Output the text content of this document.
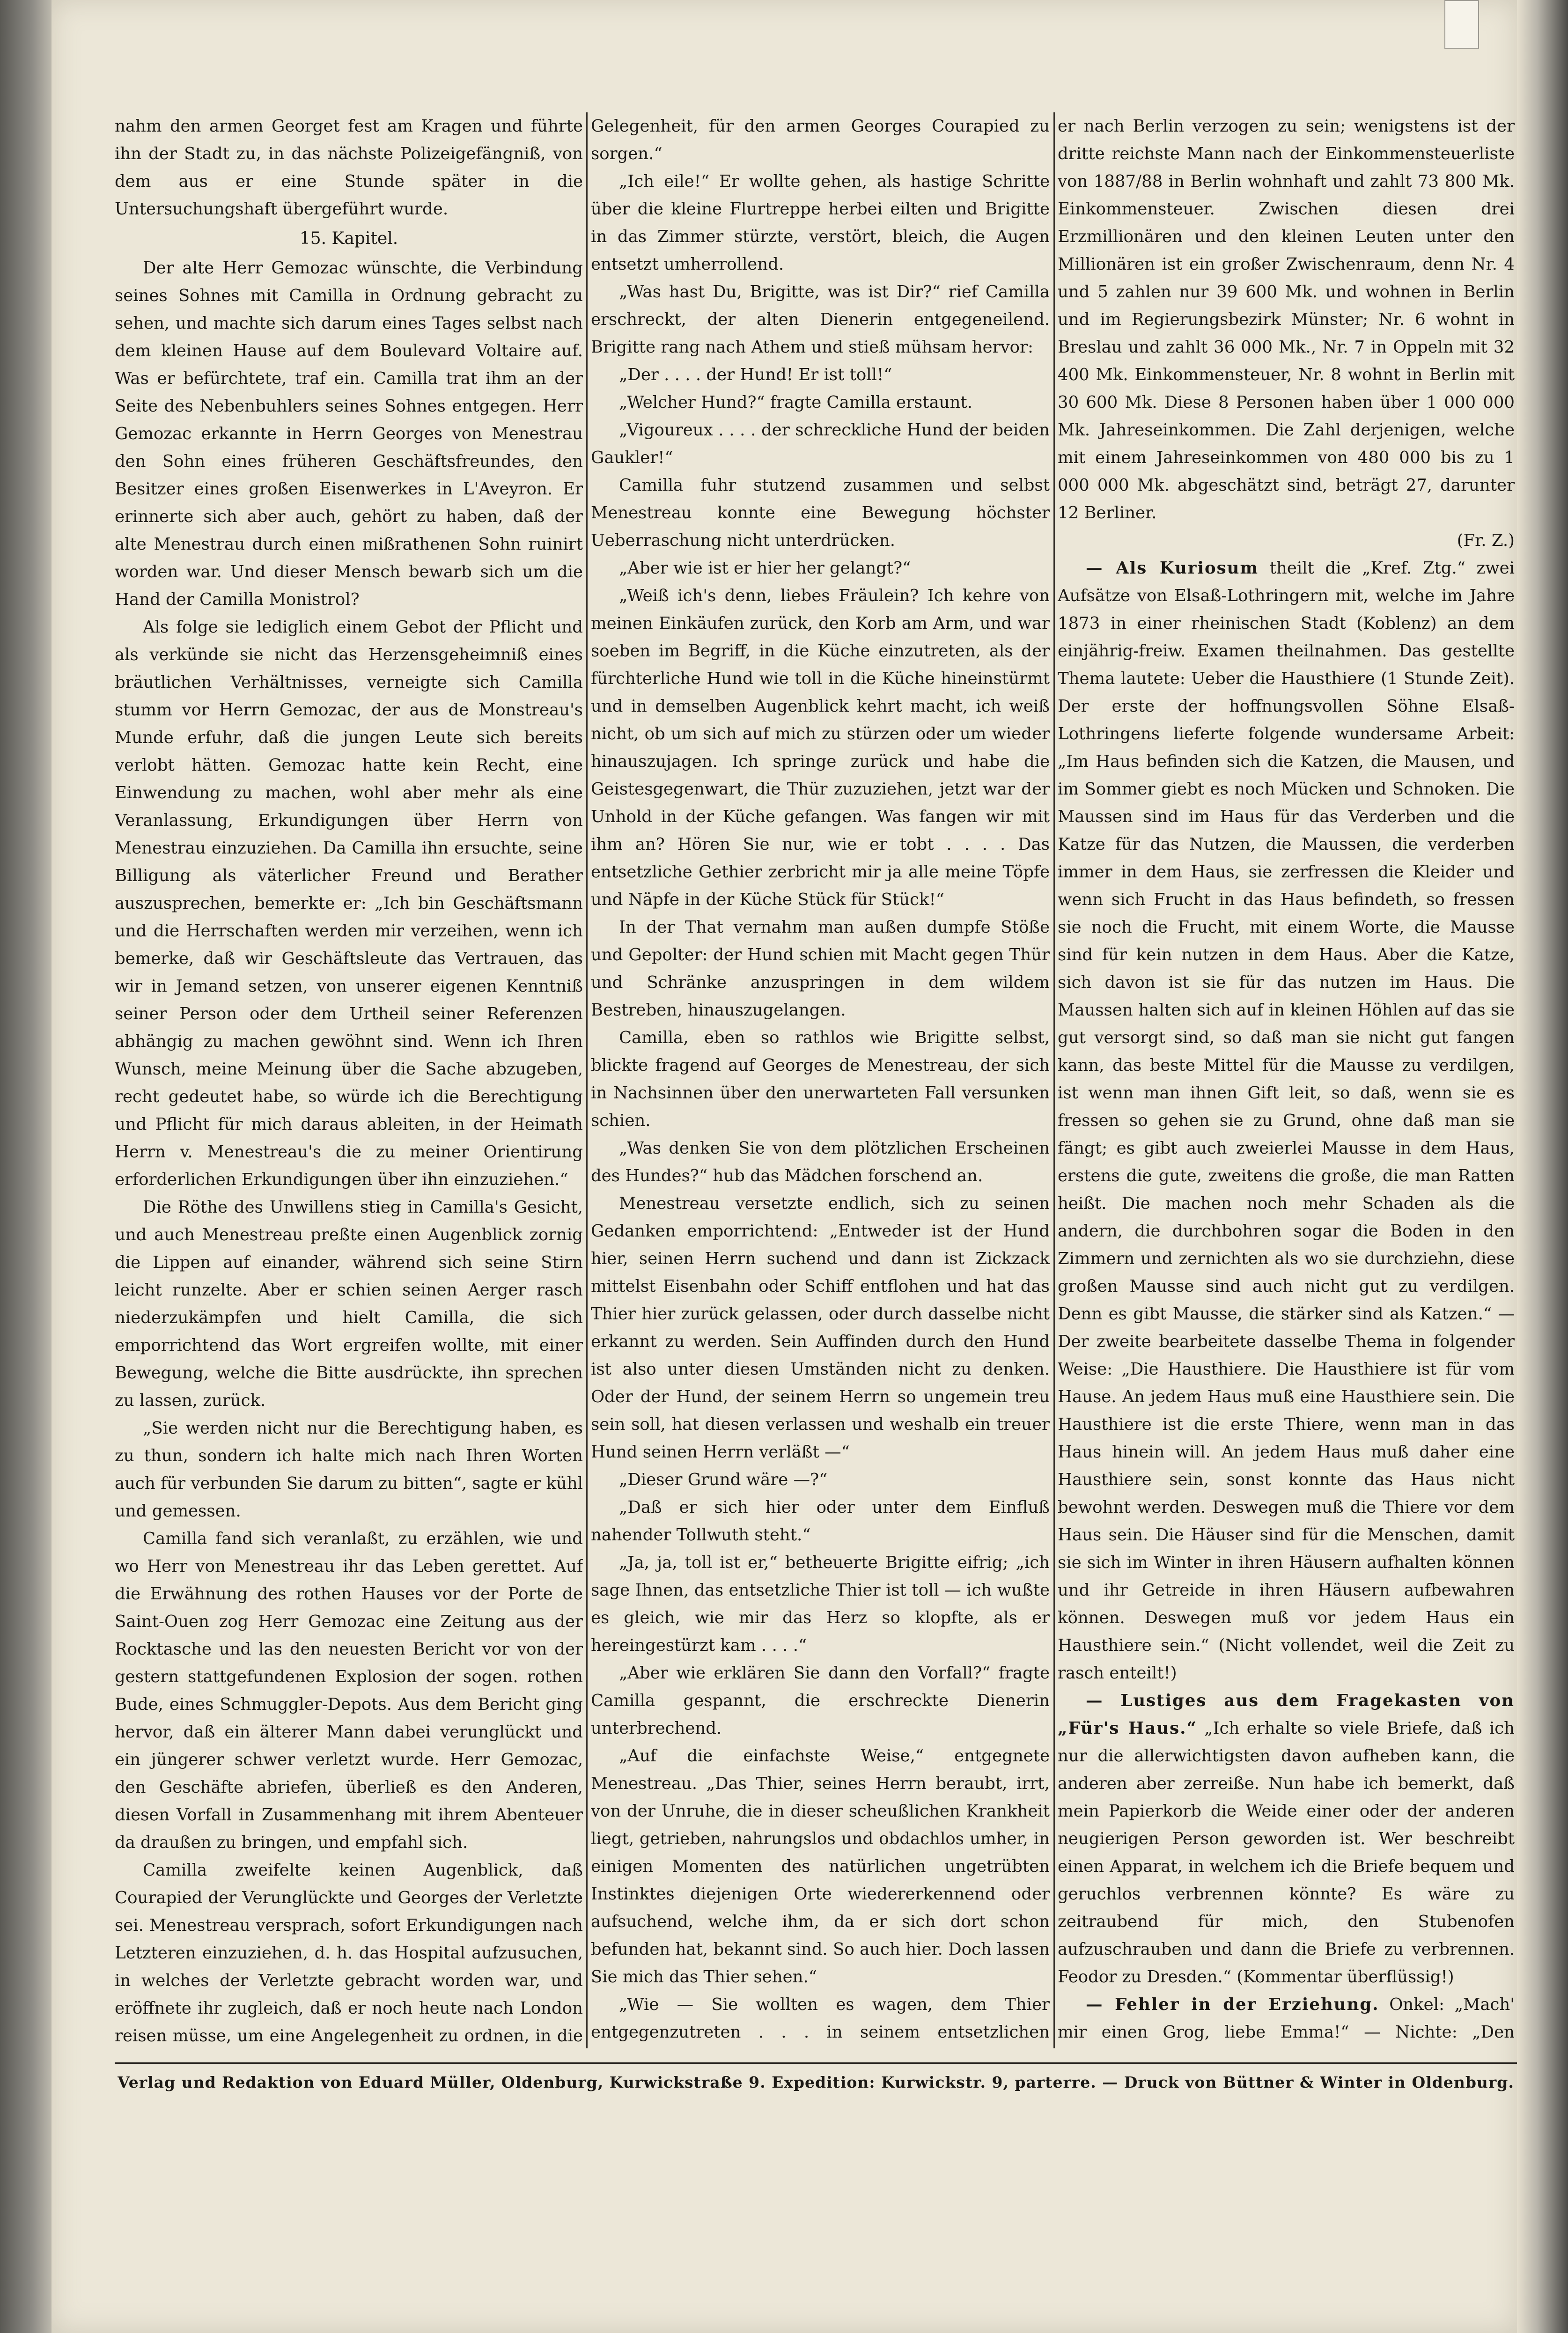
nahm den armen Georget fest am Kragen und führte ihn der Stadt zu, in das nächste Polizeigefängniß, von dem aus er eine Stunde später in die Untersuchungshaft übergeführt wurde.

15. Kapitel.

Der alte Herr Gemozac wünschte, die Verbindung seines Sohnes mit Camilla in Ordnung gebracht zu sehen, und machte sich darum eines Tages selbst nach dem kleinen Hause auf dem Boulevard Voltaire auf. Was er befürchtete, traf ein. Camilla trat ihm an der Seite des Nebenbuhlers seines Sohnes entgegen. Herr Gemozac erkannte in Herrn Georges von Menestrau den Sohn eines früheren Geschäftsfreundes, den Besitzer eines großen Eisenwerkes in L'Aveyron. Er erinnerte sich aber auch, gehört zu haben, daß der alte Menestrau durch einen mißrathenen Sohn ruinirt worden war. Und dieser Mensch bewarb sich um die Hand der Camilla Monistrol?

Als folge sie lediglich einem Gebot der Pflicht und als verkünde sie nicht das Herzensgeheimniß eines bräutlichen Verhältnisses, verneigte sich Camilla stumm vor Herrn Gemozac, der aus de Monstreau's Munde erfuhr, daß die jungen Leute sich bereits verlobt hätten. Gemozac hatte kein Recht, eine Einwendung zu machen, wohl aber mehr als eine Veranlassung, Erkundigungen über Herrn von Menestrau einzuziehen. Da Camilla ihn ersuchte, seine Billigung als väterlicher Freund und Berather auszusprechen, bemerkte er: „Ich bin Geschäftsmann und die Herrschaften werden mir verzeihen, wenn ich bemerke, daß wir Geschäftsleute das Vertrauen, das wir in Jemand setzen, von unserer eigenen Kenntniß seiner Person oder dem Urtheil seiner Referenzen abhängig zu machen gewöhnt sind. Wenn ich Ihren Wunsch, meine Meinung über die Sache abzugeben, recht gedeutet habe, so würde ich die Berechtigung und Pflicht für mich daraus ableiten, in der Heimath Herrn v. Menestreau's die zu meiner Orientirung erforderlichen Erkundigungen über ihn einzuziehen.“

Die Röthe des Unwillens stieg in Camilla's Gesicht, und auch Menestreau preßte einen Augenblick zornig die Lippen auf einander, während sich seine Stirn leicht runzelte. Aber er schien seinen Aerger rasch niederzukämpfen und hielt Camilla, die sich emporrichtend das Wort ergreifen wollte, mit einer Bewegung, welche die Bitte ausdrückte, ihn sprechen zu lassen, zurück.

„Sie werden nicht nur die Berechtigung haben, es zu thun, sondern ich halte mich nach Ihren Worten auch für verbunden Sie darum zu bitten“, sagte er kühl und gemessen.

Camilla fand sich veranlaßt, zu erzählen, wie und wo Herr von Menestreau ihr das Leben gerettet. Auf die Erwähnung des rothen Hauses vor der Porte de Saint-Ouen zog Herr Gemozac eine Zeitung aus der Rocktasche und las den neuesten Bericht vor von der gestern stattgefundenen Explosion der sogen. rothen Bude, eines Schmuggler-Depots. Aus dem Bericht ging hervor, daß ein älterer Mann dabei verunglückt und ein jüngerer schwer verletzt wurde. Herr Gemozac, den Geschäfte abriefen, überließ es den Anderen, diesen Vorfall in Zusammenhang mit ihrem Abenteuer da draußen zu bringen, und empfahl sich.

Camilla zweifelte keinen Augenblick, daß Courapied der Verunglückte und Georges der Verletzte sei. Menestreau versprach, sofort Erkundigungen nach Letzteren einzuziehen, d. h. das Hospital aufzusuchen, in welches der Verletzte gebracht worden war, und eröffnete ihr zugleich, daß er noch heute nach London reisen müsse, um eine Angelegenheit zu ordnen, in die

Gelegenheit, für den armen Georges Courapied zu sorgen.“

„Ich eile!“ Er wollte gehen, als hastige Schritte über die kleine Flurtreppe herbei eilten und Brigitte in das Zimmer stürzte, verstört, bleich, die Augen entsetzt umherrollend.

„Was hast Du, Brigitte, was ist Dir?“ rief Camilla erschreckt, der alten Dienerin entgegeneilend. Brigitte rang nach Athem und stieß mühsam hervor:

„Der . . . . der Hund! Er ist toll!“

„Welcher Hund?“ fragte Camilla erstaunt.

„Vigoureux . . . . der schreckliche Hund der beiden Gaukler!“

Camilla fuhr stutzend zusammen und selbst Menestreau konnte eine Bewegung höchster Ueberraschung nicht unterdrücken.

„Aber wie ist er hier her gelangt?“

„Weiß ich's denn, liebes Fräulein? Ich kehre von meinen Einkäufen zurück, den Korb am Arm, und war soeben im Begriff, in die Küche einzutreten, als der fürchterliche Hund wie toll in die Küche hineinstürmt und in demselben Augenblick kehrt macht, ich weiß nicht, ob um sich auf mich zu stürzen oder um wieder hinauszujagen. Ich springe zurück und habe die Geistesgegenwart, die Thür zuzuziehen, jetzt war der Unhold in der Küche gefangen. Was fangen wir mit ihm an? Hören Sie nur, wie er tobt . . . . Das entsetzliche Gethier zerbricht mir ja alle meine Töpfe und Näpfe in der Küche Stück für Stück!“

In der That vernahm man außen dumpfe Stöße und Gepolter: der Hund schien mit Macht gegen Thür und Schränke anzuspringen in dem wildem Bestreben, hinauszugelangen.

Camilla, eben so rathlos wie Brigitte selbst, blickte fragend auf Georges de Menestreau, der sich in Nachsinnen über den unerwarteten Fall versunken schien.

„Was denken Sie von dem plötzlichen Erscheinen des Hundes?“ hub das Mädchen forschend an.

Menestreau versetzte endlich, sich zu seinen Gedanken emporrichtend: „Entweder ist der Hund hier, seinen Herrn suchend und dann ist Zickzack mittelst Eisenbahn oder Schiff entflohen und hat das Thier hier zurück gelassen, oder durch dasselbe nicht erkannt zu werden. Sein Auffinden durch den Hund ist also unter diesen Umständen nicht zu denken. Oder der Hund, der seinem Herrn so ungemein treu sein soll, hat diesen verlassen und weshalb ein treuer Hund seinen Herrn verläßt —“

„Dieser Grund wäre —?“

„Daß er sich hier oder unter dem Einfluß nahender Tollwuth steht.“

„Ja, ja, toll ist er,“ betheuerte Brigitte eifrig; „ich sage Ihnen, das entsetzliche Thier ist toll — ich wußte es gleich, wie mir das Herz so klopfte, als er hereingestürzt kam . . . .“

„Aber wie erklären Sie dann den Vorfall?“ fragte Camilla gespannt, die erschreckte Dienerin unterbrechend.

„Auf die einfachste Weise,“ entgegnete Menestreau. „Das Thier, seines Herrn beraubt, irrt, von der Unruhe, die in dieser scheußlichen Krankheit liegt, getrieben, nahrungslos und obdachlos umher, in einigen Momenten des natürlichen ungetrübten Instinktes diejenigen Orte wiedererkennend oder aufsuchend, welche ihm, da er sich dort schon befunden hat, bekannt sind. So auch hier. Doch lassen Sie mich das Thier sehen.“

„Wie — Sie wollten es wagen, dem Thier entgegenzutreten . . . in seinem entsetzlichen

er nach Berlin verzogen zu sein; wenigstens ist der dritte reichste Mann nach der Einkommensteuerliste von 1887/88 in Berlin wohnhaft und zahlt 73 800 Mk. Einkommensteuer. Zwischen diesen drei Erzmillionären und den kleinen Leuten unter den Millionären ist ein großer Zwischenraum, denn Nr. 4 und 5 zahlen nur 39 600 Mk. und wohnen in Berlin und im Regierungsbezirk Münster; Nr. 6 wohnt in Breslau und zahlt 36 000 Mk., Nr. 7 in Oppeln mit 32 400 Mk. Einkommensteuer, Nr. 8 wohnt in Berlin mit 30 600 Mk. Diese 8 Personen haben über 1 000 000 Mk. Jahreseinkommen. Die Zahl derjenigen, welche mit einem Jahreseinkommen von 480 000 bis zu 1 000 000 Mk. abgeschätzt sind, beträgt 27, darunter 12 Berliner.

(Fr. Z.)

— Als Kuriosum theilt die „Kref. Ztg.“ zwei Aufsätze von Elsaß-Lothringern mit, welche im Jahre 1873 in einer rheinischen Stadt (Koblenz) an dem einjährig-freiw. Examen theilnahmen. Das gestellte Thema lautete: Ueber die Hausthiere (1 Stunde Zeit). Der erste der hoffnungsvollen Söhne Elsaß-Lothringens lieferte folgende wundersame Arbeit: „Im Haus befinden sich die Katzen, die Mausen, und im Sommer giebt es noch Mücken und Schnoken. Die Maussen sind im Haus für das Verderben und die Katze für das Nutzen, die Maussen, die verderben immer in dem Haus, sie zerfressen die Kleider und wenn sich Frucht in das Haus befindeth, so fressen sie noch die Frucht, mit einem Worte, die Mausse sind für kein nutzen in dem Haus. Aber die Katze, sich davon ist sie für das nutzen im Haus. Die Maussen halten sich auf in kleinen Höhlen auf das sie gut versorgt sind, so daß man sie nicht gut fangen kann, das beste Mittel für die Mausse zu verdilgen, ist wenn man ihnen Gift leit, so daß, wenn sie es fressen so gehen sie zu Grund, ohne daß man sie fängt; es gibt auch zweierlei Mausse in dem Haus, erstens die gute, zweitens die große, die man Ratten heißt. Die machen noch mehr Schaden als die andern, die durchbohren sogar die Boden in den Zimmern und zernichten als wo sie durchziehn, diese großen Mausse sind auch nicht gut zu verdilgen. Denn es gibt Mausse, die stärker sind als Katzen.“ — Der zweite bearbeitete dasselbe Thema in folgender Weise: „Die Hausthiere. Die Hausthiere ist für vom Hause. An jedem Haus muß eine Hausthiere sein. Die Hausthiere ist die erste Thiere, wenn man in das Haus hinein will. An jedem Haus muß daher eine Hausthiere sein, sonst konnte das Haus nicht bewohnt werden. Deswegen muß die Thiere vor dem Haus sein. Die Häuser sind für die Menschen, damit sie sich im Winter in ihren Häusern aufhalten können und ihr Getreide in ihren Häusern aufbewahren können. Deswegen muß vor jedem Haus ein Hausthiere sein.“ (Nicht vollendet, weil die Zeit zu rasch enteilt!)

— Lustiges aus dem Fragekasten von „Für's Haus.“ „Ich erhalte so viele Briefe, daß ich nur die allerwichtigsten davon aufheben kann, die anderen aber zerreiße. Nun habe ich bemerkt, daß mein Papierkorb die Weide einer oder der anderen neugierigen Person geworden ist. Wer beschreibt einen Apparat, in welchem ich die Briefe bequem und geruchlos verbrennen könnte? Es wäre zu zeitraubend für mich, den Stubenofen aufzuschrauben und dann die Briefe zu verbrennen. Feodor zu Dresden.“ (Kommentar überflüssig!)

— Fehler in der Erziehung. Onkel: „Mach' mir einen Grog, liebe Emma!“ — Nichte: „Den

Verlag und Redaktion von Eduard Müller, Oldenburg, Kurwickstraße 9. Expedition: Kurwickstr. 9, parterre. — Druck von Büttner & Winter in Oldenburg.
